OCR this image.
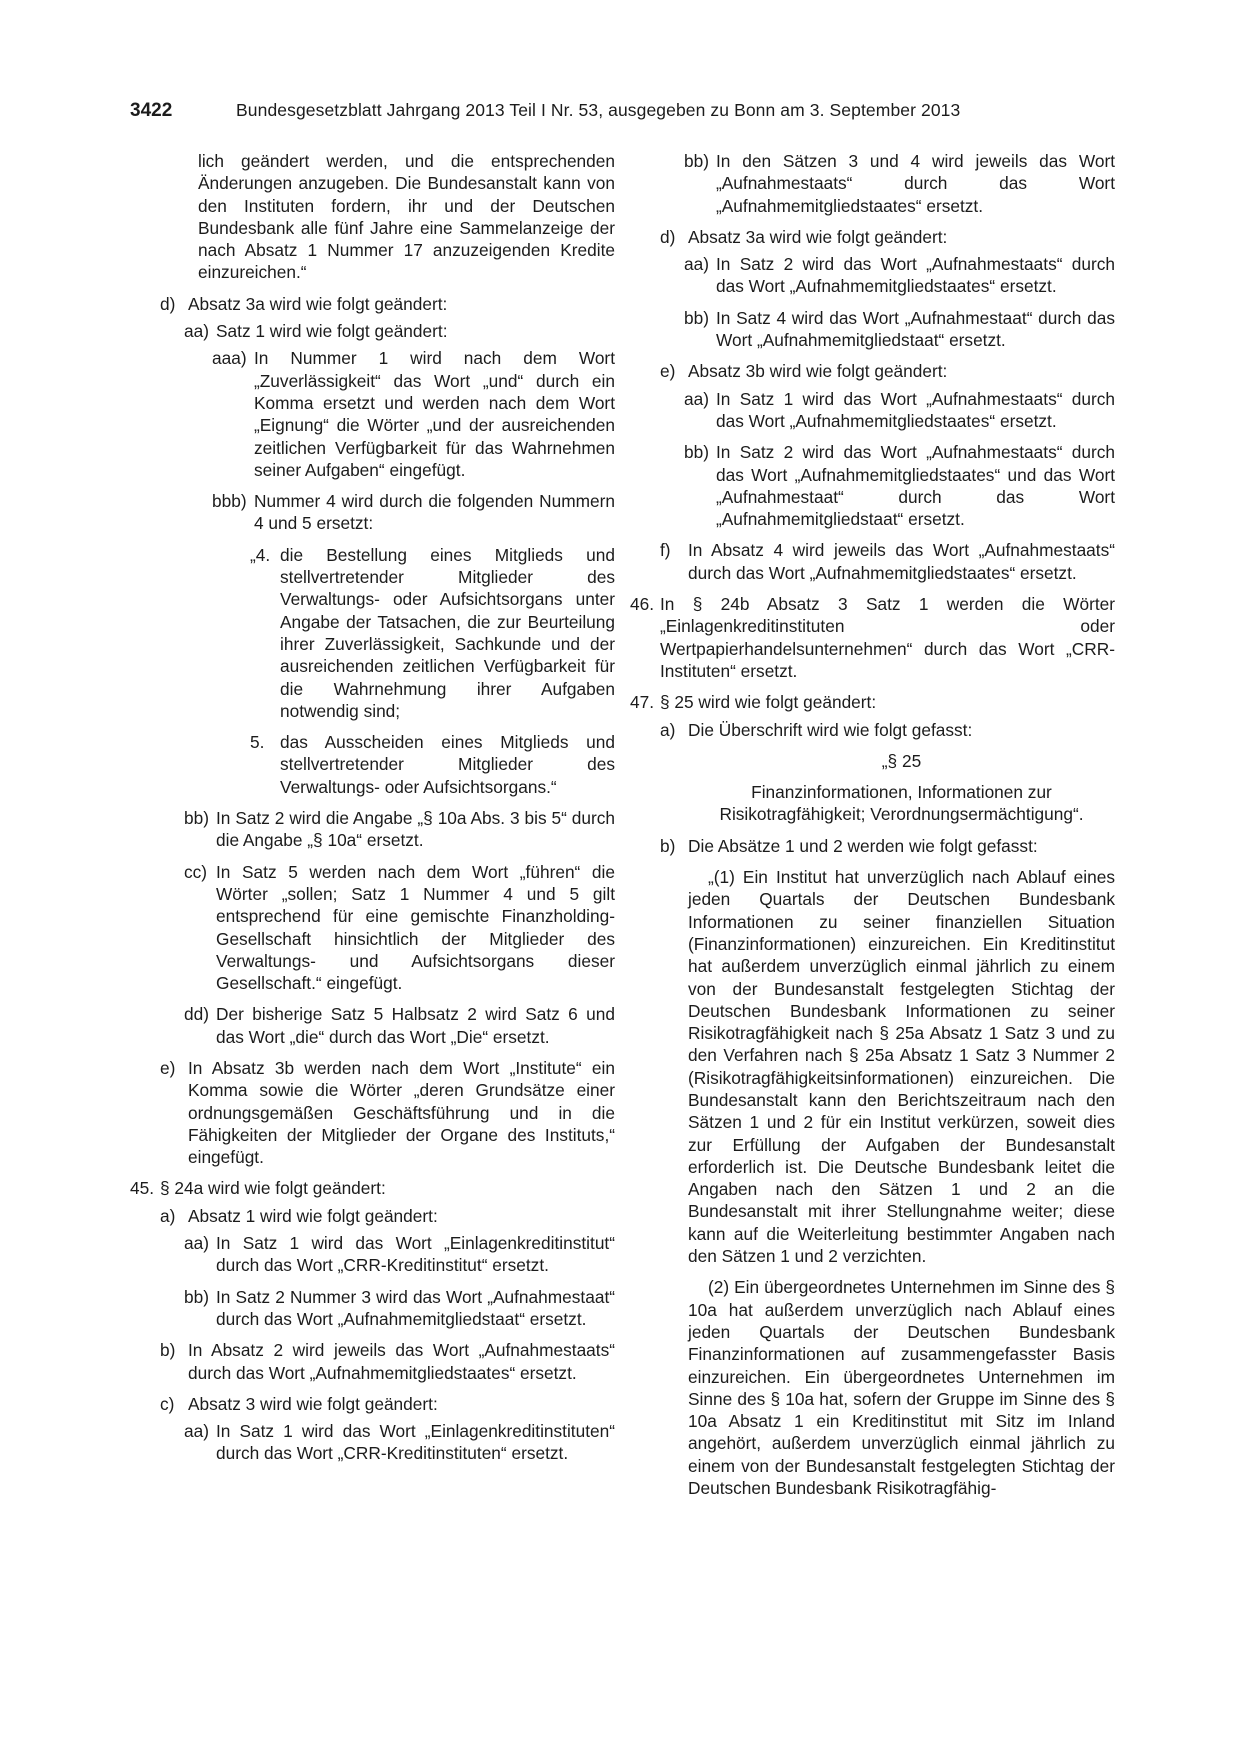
3422	Bundesgesetzblatt Jahrgang 2013 Teil I Nr. 53, ausgegeben zu Bonn am 3. September 2013
lich geändert werden, und die entsprechenden Änderungen anzugeben. Die Bundesanstalt kann von den Instituten fordern, ihr und der Deutschen Bundesbank alle fünf Jahre eine Sammelanzeige der nach Absatz 1 Nummer 17 anzuzeigenden Kredite einzureichen.“
d) Absatz 3a wird wie folgt geändert:
aa) Satz 1 wird wie folgt geändert:
aaa) In Nummer 1 wird nach dem Wort „Zuverlässigkeit“ das Wort „und“ durch ein Komma ersetzt und werden nach dem Wort „Eignung“ die Wörter „und der ausreichenden zeitlichen Verfügbarkeit für das Wahrnehmen seiner Aufgaben“ eingefügt.
bbb) Nummer 4 wird durch die folgenden Nummern 4 und 5 ersetzt:
„4. die Bestellung eines Mitglieds und stellvertretender Mitglieder des Verwaltungs- oder Aufsichtsorgans unter Angabe der Tatsachen, die zur Beurteilung ihrer Zuverlässigkeit, Sachkunde und der ausreichenden zeitlichen Verfügbarkeit für die Wahrnehmung ihrer Aufgaben notwendig sind;
5. das Ausscheiden eines Mitglieds und stellvertretender Mitglieder des Verwaltungs- oder Aufsichtsorgans.“
bb) In Satz 2 wird die Angabe „§ 10a Abs. 3 bis 5“ durch die Angabe „§ 10a“ ersetzt.
cc) In Satz 5 werden nach dem Wort „führen“ die Wörter „sollen; Satz 1 Nummer 4 und 5 gilt entsprechend für eine gemischte Finanzholding-Gesellschaft hinsichtlich der Mitglieder des Verwaltungs- und Aufsichtsorgans dieser Gesellschaft.“ eingefügt.
dd) Der bisherige Satz 5 Halbsatz 2 wird Satz 6 und das Wort „die“ durch das Wort „Die“ ersetzt.
e) In Absatz 3b werden nach dem Wort „Institute“ ein Komma sowie die Wörter „deren Grundsätze einer ordnungsgemäßen Geschäftsführung und in die Fähigkeiten der Mitglieder der Organe des Instituts,“ eingefügt.
45. § 24a wird wie folgt geändert:
a) Absatz 1 wird wie folgt geändert:
aa) In Satz 1 wird das Wort „Einlagenkreditinstitut“ durch das Wort „CRR-Kreditinstitut“ ersetzt.
bb) In Satz 2 Nummer 3 wird das Wort „Aufnahmestaat“ durch das Wort „Aufnahmemitgliedstaat“ ersetzt.
b) In Absatz 2 wird jeweils das Wort „Aufnahmestaats“ durch das Wort „Aufnahmemitgliedstaates“ ersetzt.
c) Absatz 3 wird wie folgt geändert:
aa) In Satz 1 wird das Wort „Einlagenkreditinstituten“ durch das Wort „CRR-Kreditinstituten“ ersetzt.
bb) In den Sätzen 3 und 4 wird jeweils das Wort „Aufnahmestaats“ durch das Wort „Aufnahmemitgliedstaates“ ersetzt.
d) Absatz 3a wird wie folgt geändert:
aa) In Satz 2 wird das Wort „Aufnahmestaats“ durch das Wort „Aufnahmemitgliedstaates“ ersetzt.
bb) In Satz 4 wird das Wort „Aufnahmestaat“ durch das Wort „Aufnahmemitgliedstaat“ ersetzt.
e) Absatz 3b wird wie folgt geändert:
aa) In Satz 1 wird das Wort „Aufnahmestaats“ durch das Wort „Aufnahmemitgliedstaates“ ersetzt.
bb) In Satz 2 wird das Wort „Aufnahmestaats“ durch das Wort „Aufnahmemitgliedstaates“ und das Wort „Aufnahmestaat“ durch das Wort „Aufnahmemitgliedstaat“ ersetzt.
f)	In Absatz 4 wird jeweils das Wort „Aufnahmestaats“ durch das Wort „Aufnahmemitgliedstaates“ ersetzt.
46. In § 24b Absatz 3 Satz 1 werden die Wörter „Einlagenkreditinstituten oder Wertpapierhandelsunternehmen“ durch das Wort „CRR-Instituten“ ersetzt.
47. § 25 wird wie folgt geändert:
a) Die Überschrift wird wie folgt gefasst:
„§ 25
Finanzinformationen, Informationen zur Risikotragfähigkeit; Verordnungsermächtigung“.
b) Die Absätze 1 und 2 werden wie folgt gefasst:
„(1) Ein Institut hat unverzüglich nach Ablauf eines jeden Quartals der Deutschen Bundesbank Informationen zu seiner finanziellen Situation (Finanzinformationen) einzureichen. Ein Kreditinstitut hat außerdem unverzüglich einmal jährlich zu einem von der Bundesanstalt festgelegten Stichtag der Deutschen Bundesbank Informationen zu seiner Risikotragfähigkeit nach § 25a Absatz 1 Satz 3 und zu den Verfahren nach § 25a Absatz 1 Satz 3 Nummer 2 (Risikotragfähigkeitsinformationen) einzureichen. Die Bundesanstalt kann den Berichtszeitraum nach den Sätzen 1 und 2 für ein Institut verkürzen, soweit dies zur Erfüllung der Aufgaben der Bundesanstalt erforderlich ist. Die Deutsche Bundesbank leitet die Angaben nach den Sätzen 1 und 2 an die Bundesanstalt mit ihrer Stellungnahme weiter; diese kann auf die Weiterleitung bestimmter Angaben nach den Sätzen 1 und 2 verzichten.
(2) Ein übergeordnetes Unternehmen im Sinne des § 10a hat außerdem unverzüglich nach Ablauf eines jeden Quartals der Deutschen Bundesbank Finanzinformationen auf zusammengefasster Basis einzureichen. Ein übergeordnetes Unternehmen im Sinne des § 10a hat, sofern der Gruppe im Sinne des § 10a Absatz 1 ein Kreditinstitut mit Sitz im Inland angehört, außerdem unverzüglich einmal jährlich zu einem von der Bundesanstalt festgelegten Stichtag der Deutschen Bundesbank Risikotragfähig-
